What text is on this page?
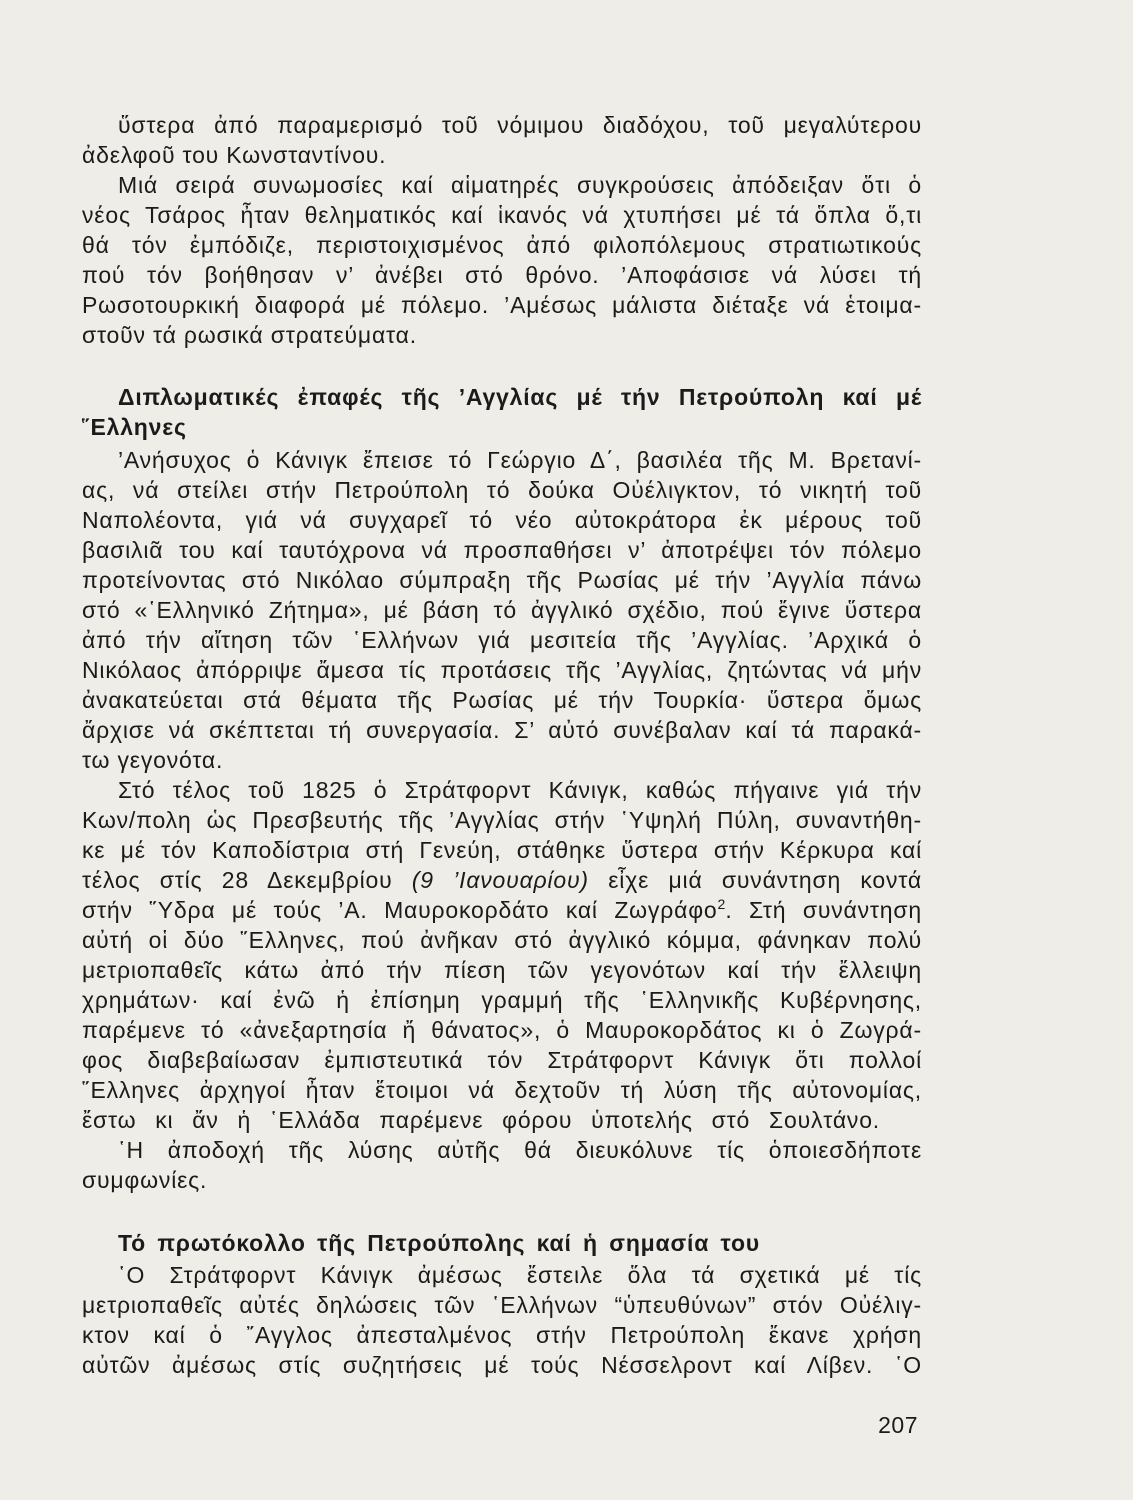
ὕστερα ἀπό παραμερισμό τοῦ νόμιμου διαδόχου, τοῦ μεγαλύτερου
ἀδελφοῦ του Κωνσταντίνου.
Μιά σειρά συνωμοσίες καί αἱματηρές συγκρούσεις ἀπόδειξαν ὅτι ὁ
νέος Τσάρος ἦταν θεληματικός καί ἱκανός νά χτυπήσει μέ τά ὅπλα ὅ,τι
θά τόν ἐμπόδιζε, περιστοιχισμένος ἀπό φιλοπόλεμους στρατιωτικούς
πού τόν βοήθησαν ν’ ἀνέβει στό θρόνο. ’Αποφάσισε νά λύσει τή
Ρωσοτουρκική διαφορά μέ πόλεμο. ’Αμέσως μάλιστα διέταξε νά ἑτοιμα-
στοῦν τά ρωσικά στρατεύματα.
Διπλωματικές ἐπαφές τῆς ’Αγγλίας μέ τήν Πετρούπολη καί μέ
῞Ελληνες
’Ανήσυχος ὁ Κάνιγκ ἔπεισε τό Γεώργιο Δ΄, βασιλέα τῆς Μ. Βρετανί-
ας, νά στείλει στήν Πετρούπολη τό δούκα Οὐέλιγκτον, τό νικητή τοῦ
Ναπολέοντα, γιά νά συγχαρεῖ τό νέο αὐτοκράτορα ἐκ μέρους τοῦ
βασιλιᾶ του καί ταυτόχρονα νά προσπαθήσει ν’ ἀποτρέψει τόν πόλεμο
προτείνοντας στό Νικόλαο σύμπραξη τῆς Ρωσίας μέ τήν ’Αγγλία πάνω
στό «῾Ελληνικό Ζήτημα», μέ βάση τό ἀγγλικό σχέδιο, πού ἔγινε ὕστερα
ἀπό τήν αἴτηση τῶν ῾Ελλήνων γιά μεσιτεία τῆς ’Αγγλίας. ’Αρχικά ὁ
Νικόλαος ἀπόρριψε ἄμεσα τίς προτάσεις τῆς ’Αγγλίας, ζητώντας νά μήν
ἀνακατεύεται στά θέματα τῆς Ρωσίας μέ τήν Τουρκία· ὕστερα ὅμως
ἄρχισε νά σκέπτεται τή συνεργασία. Σ’ αὐτό συνέβαλαν καί τά παρακά-
τω γεγονότα.
Στό τέλος τοῦ 1825 ὁ Στράτφορντ Κάνιγκ, καθώς πήγαινε γιά τήν
Κων/πολη ὡς Πρεσβευτής τῆς ’Αγγλίας στήν ῾Υψηλή Πύλη, συναντήθη-
κε μέ τόν Καποδίστρια στή Γενεύη, στάθηκε ὕστερα στήν Κέρκυρα καί
τέλος στίς 28 Δεκεμβρίου (9 ’Ιανουαρίου) εἶχε μιά συνάντηση κοντά
στήν ῞Υδρα μέ τούς ’Α. Μαυροκορδάτο καί Ζωγράφο$^2$. Στή συνάντηση
αὐτή οἱ δύο ῞Ελληνες, πού ἀνῆκαν στό ἀγγλικό κόμμα, φάνηκαν πολύ
μετριοπαθεῖς κάτω ἀπό τήν πίεση τῶν γεγονότων καί τήν ἔλλειψη
χρημάτων· καί ἐνῶ ἡ ἐπίσημη γραμμή τῆς ῾Ελληνικῆς Κυβέρνησης,
παρέμενε τό «ἀνεξαρτησία ἤ θάνατος», ὁ Μαυροκορδάτος κι ὁ Ζωγρά-
φος διαβεβαίωσαν ἐμπιστευτικά τόν Στράτφορντ Κάνιγκ ὅτι πολλοί
῞Ελληνες ἀρχηγοί ἦταν ἕτοιμοι νά δεχτοῦν τή λύση τῆς αὐτονομίας,
ἔστω κι ἄν ἡ ῾Ελλάδα παρέμενε φόρου ὑποτελής στό Σουλτάνο.
῾Η ἀποδοχή τῆς λύσης αὐτῆς θά διευκόλυνε τίς ὁποιεσδήποτε
συμφωνίες.
Τό πρωτόκολλο τῆς Πετρούπολης καί ἡ σημασία του
῾Ο Στράτφορντ Κάνιγκ ἀμέσως ἔστειλε ὅλα τά σχετικά μέ τίς
μετριοπαθεῖς αὐτές δηλώσεις τῶν ῾Ελλήνων “ὑπευθύνων” στόν Οὐέλιγ-
κτον καί ὁ ῎Αγγλος ἀπεσταλμένος στήν Πετρούπολη ἔκανε χρήση
αὐτῶν ἀμέσως στίς συζητήσεις μέ τούς Νέσσελροντ καί Λίβεν. ῾Ο
207
